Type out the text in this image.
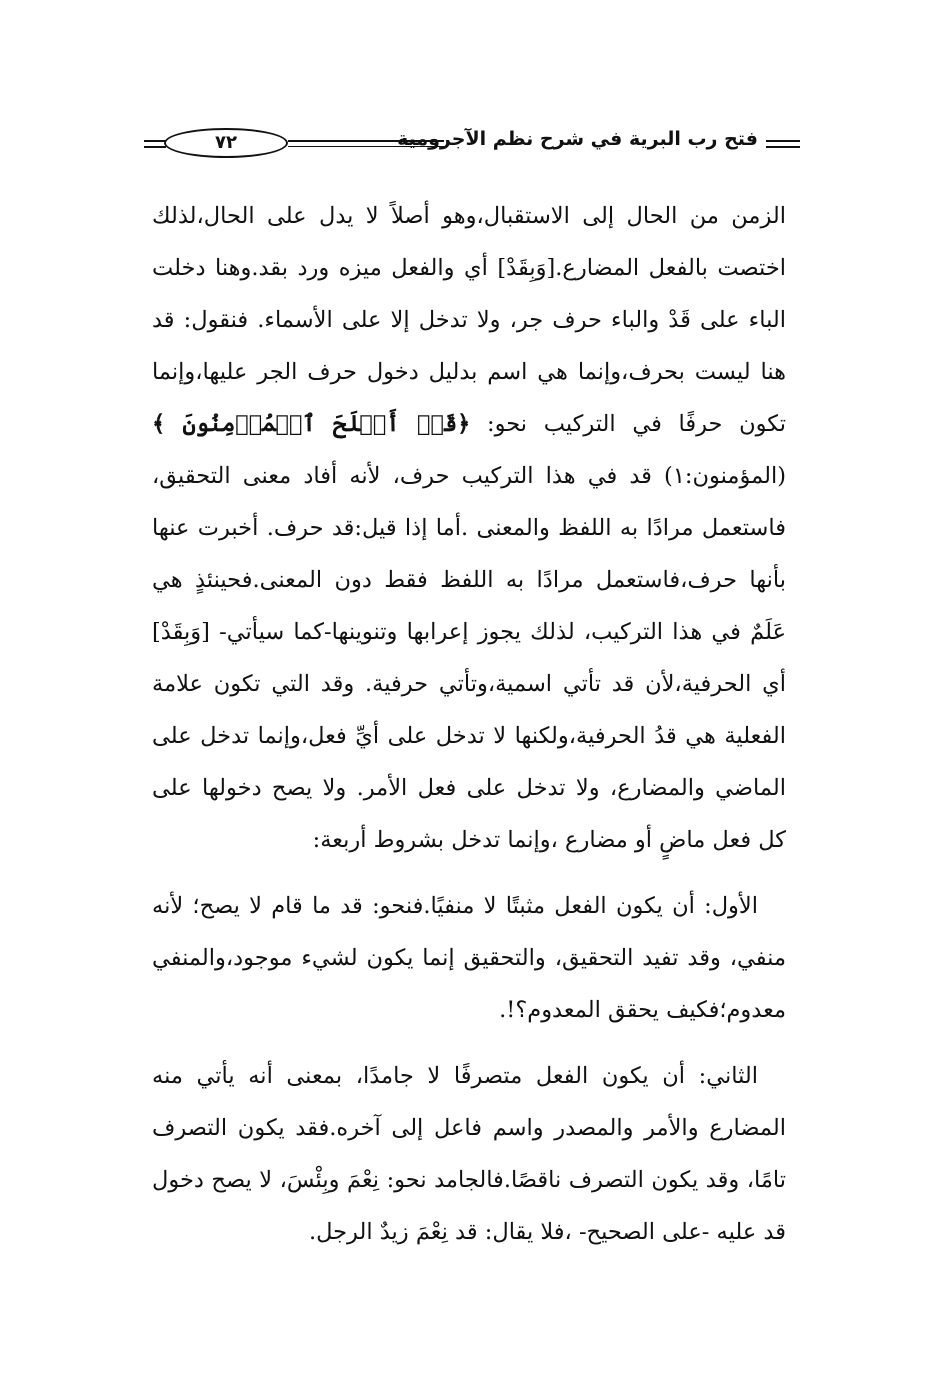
فتح رب البرية في شرح نظم الآجرومية
٧٢

الزمن من الحال إلى الاستقبال،وهو أصلاً لا يدل على الحال،لذلك اختصت بالفعل المضارع.[وَبِقَدْ] أي والفعل ميزه ورد بقد.وهنا دخلت الباء على قَدْ والباء حرف جر، ولا تدخل إلا على الأسماء. فنقول: قد هنا ليست بحرف،وإنما هي اسم بدليل دخول حرف الجر عليها،وإنما تكون حرفًا في التركيب نحو: ﴿قَدۡ أَفۡلَحَ ٱلۡمُؤۡمِنُونَ ﴾ (المؤمنون:١) قد في هذا التركيب حرف، لأنه أفاد معنى التحقيق، فاستعمل مرادًا به اللفظ والمعنى .أما إذا قيل:قد حرف. أخبرت عنها بأنها حرف،فاستعمل مرادًا به اللفظ فقط دون المعنى.فحينئذٍ هي عَلَمٌ في هذا التركيب، لذلك يجوز إعرابها وتنوينها-كما سيأتي- [وَبِقَدْ] أي الحرفية،لأن قد تأتي اسمية،وتأتي حرفية. وقد التي تكون علامة الفعلية هي قدُ الحرفية،ولكنها لا تدخل على أيِّ فعل،وإنما تدخل على الماضي والمضارع، ولا تدخل على فعل الأمر. ولا يصح دخولها على كل فعل ماضٍ أو مضارع ،وإنما تدخل بشروط أربعة:

الأول: أن يكون الفعل مثبتًا لا منفيًا.فنحو: قد ما قام لا يصح؛ لأنه منفي، وقد تفيد التحقيق، والتحقيق إنما يكون لشيء موجود،والمنفي معدوم؛فكيف يحقق المعدوم؟!.

الثاني: أن يكون الفعل متصرفًا لا جامدًا، بمعنى أنه يأتي منه المضارع والأمر والمصدر واسم فاعل إلى آخره.فقد يكون التصرف تامًا، وقد يكون التصرف ناقصًا.فالجامد نحو: نِعْمَ وبِئْسَ، لا يصح دخول قد عليه -على الصحيح- ،فلا يقال: قد نِعْمَ زيدٌ الرجل.
